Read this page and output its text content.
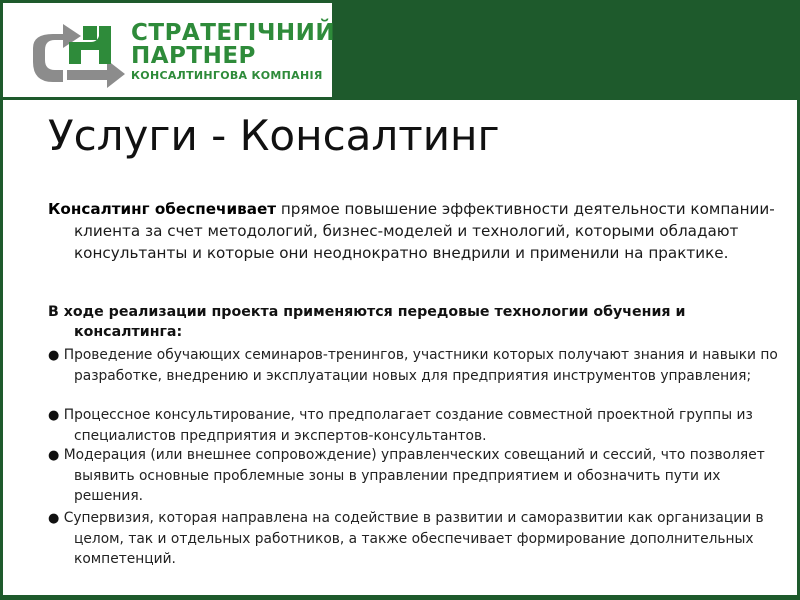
СТРАТЕГІЧНИЙ
ПАРТНЕР
КОНСАЛТИНГОВА КОМПАНІЯ
Услуги - Консалтинг

Консалтинг обеспечивает прямое повышение эффективности деятельности компании-клиента за счет методологий, бизнес-моделей и технологий, которыми обладают консультанты и которые они неоднократно внедрили и применили на практике.

В ходе реализации проекта применяются передовые технологии обучения и консалтинга:

● Проведение обучающих семинаров-тренингов, участники которых получают знания и навыки по разработке, внедрению и эксплуатации новых для предприятия инструментов управления;

● Процессное консультирование, что предполагает создание совместной проектной группы из специалистов предприятия и экспертов-консультантов.

● Модерация (или внешнее сопровождение) управленческих совещаний и сессий, что позволяет выявить основные проблемные зоны в управлении предприятием и обозначить пути их решения.

● Супервизия, которая направлена на содействие в развитии и саморазвитии как организации в целом, так и отдельных работников, а также обеспечивает формирование дополнительных компетенций.
